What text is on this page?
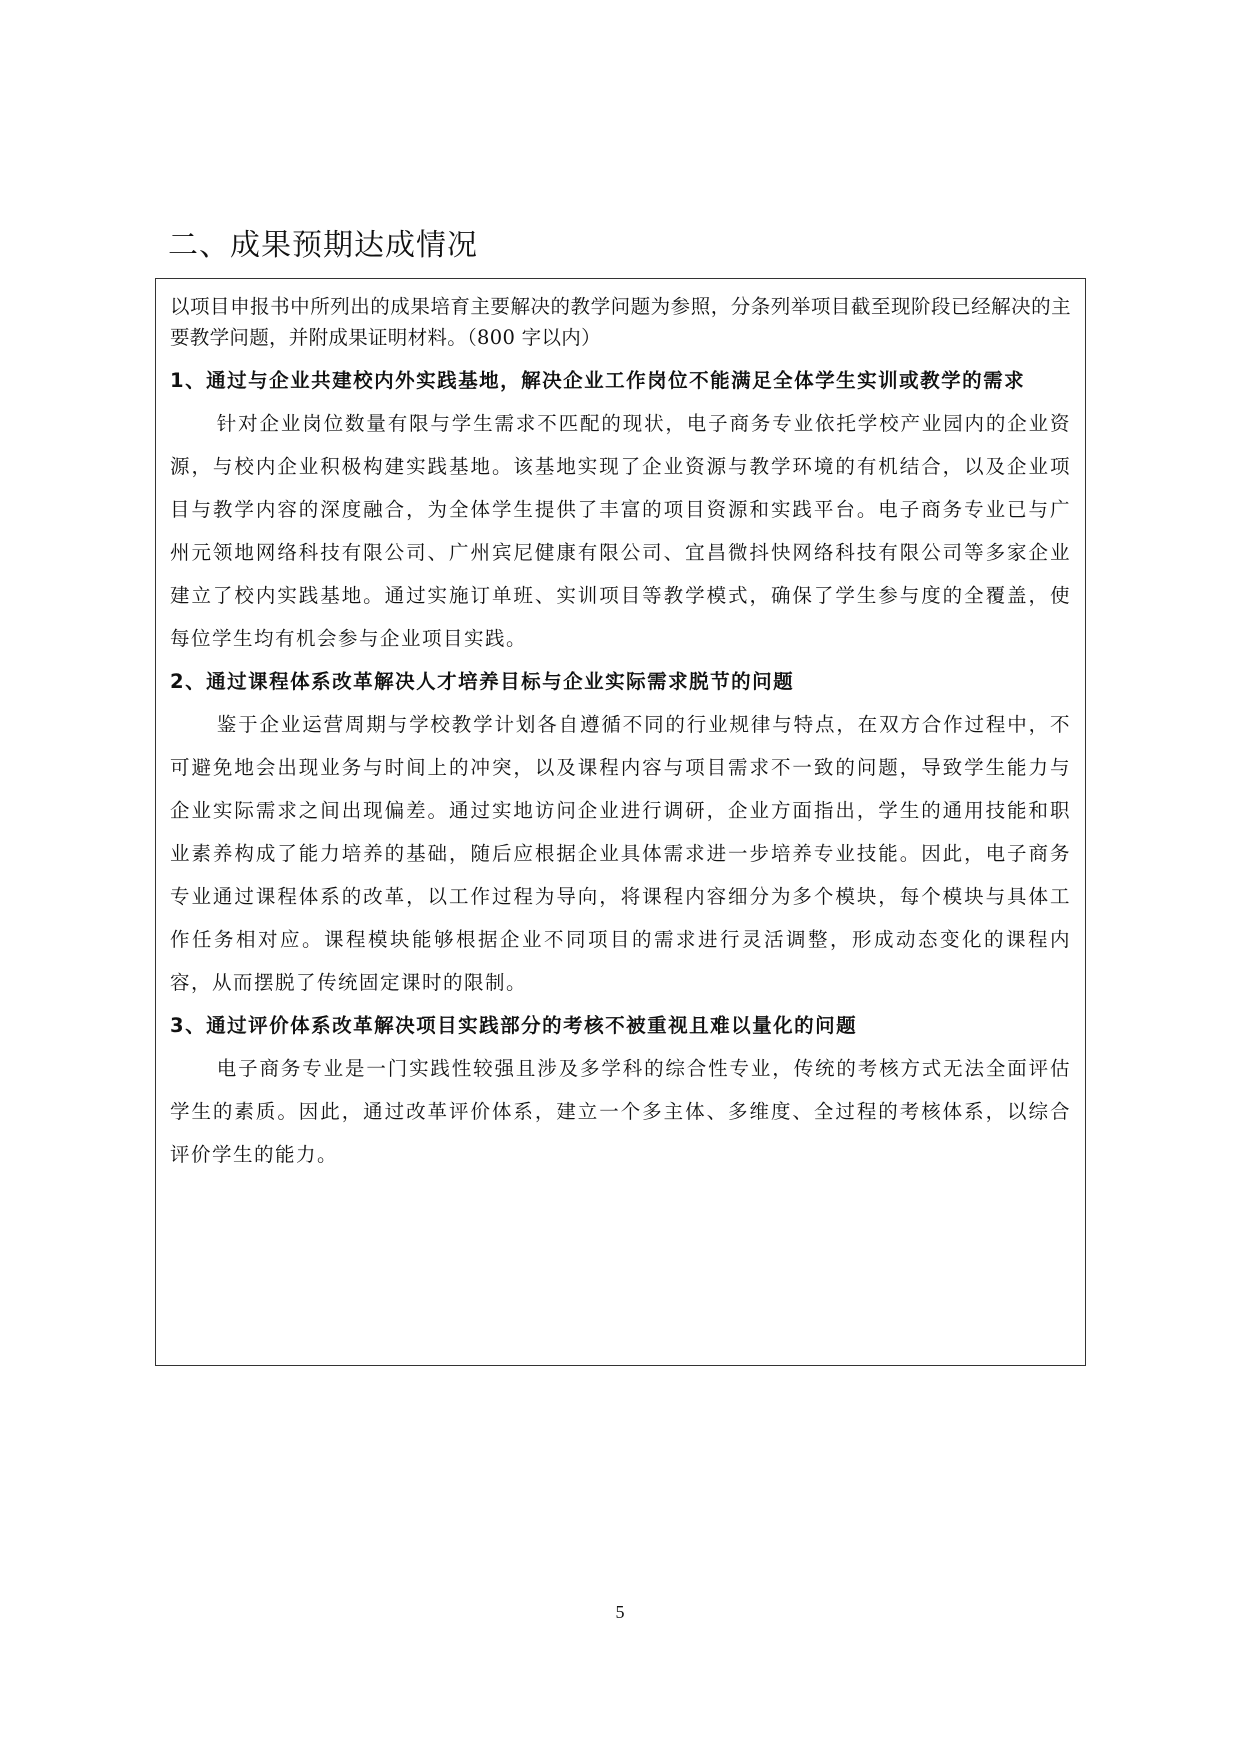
二、成果预期达成情况

以项目申报书中所列出的成果培育主要解决的教学问题为参照，分条列举项目截至现阶段已经解决的主要教学问题，并附成果证明材料。（800 字以内）

1、通过与企业共建校内外实践基地，解决企业工作岗位不能满足全体学生实训或教学的需求

针对企业岗位数量有限与学生需求不匹配的现状，电子商务专业依托学校产业园内的企业资源，与校内企业积极构建实践基地。该基地实现了企业资源与教学环境的有机结合，以及企业项目与教学内容的深度融合，为全体学生提供了丰富的项目资源和实践平台。电子商务专业已与广州元领地网络科技有限公司、广州宾尼健康有限公司、宜昌微抖快网络科技有限公司等多家企业建立了校内实践基地。通过实施订单班、实训项目等教学模式，确保了学生参与度的全覆盖，使每位学生均有机会参与企业项目实践。

2、通过课程体系改革解决人才培养目标与企业实际需求脱节的问题

鉴于企业运营周期与学校教学计划各自遵循不同的行业规律与特点，在双方合作过程中，不可避免地会出现业务与时间上的冲突，以及课程内容与项目需求不一致的问题，导致学生能力与企业实际需求之间出现偏差。通过实地访问企业进行调研，企业方面指出，学生的通用技能和职业素养构成了能力培养的基础，随后应根据企业具体需求进一步培养专业技能。因此，电子商务专业通过课程体系的改革，以工作过程为导向，将课程内容细分为多个模块，每个模块与具体工作任务相对应。课程模块能够根据企业不同项目的需求进行灵活调整，形成动态变化的课程内容，从而摆脱了传统固定课时的限制。

3、通过评价体系改革解决项目实践部分的考核不被重视且难以量化的问题

电子商务专业是一门实践性较强且涉及多学科的综合性专业，传统的考核方式无法全面评估学生的素质。因此，通过改革评价体系，建立一个多主体、多维度、全过程的考核体系，以综合评价学生的能力。

5
